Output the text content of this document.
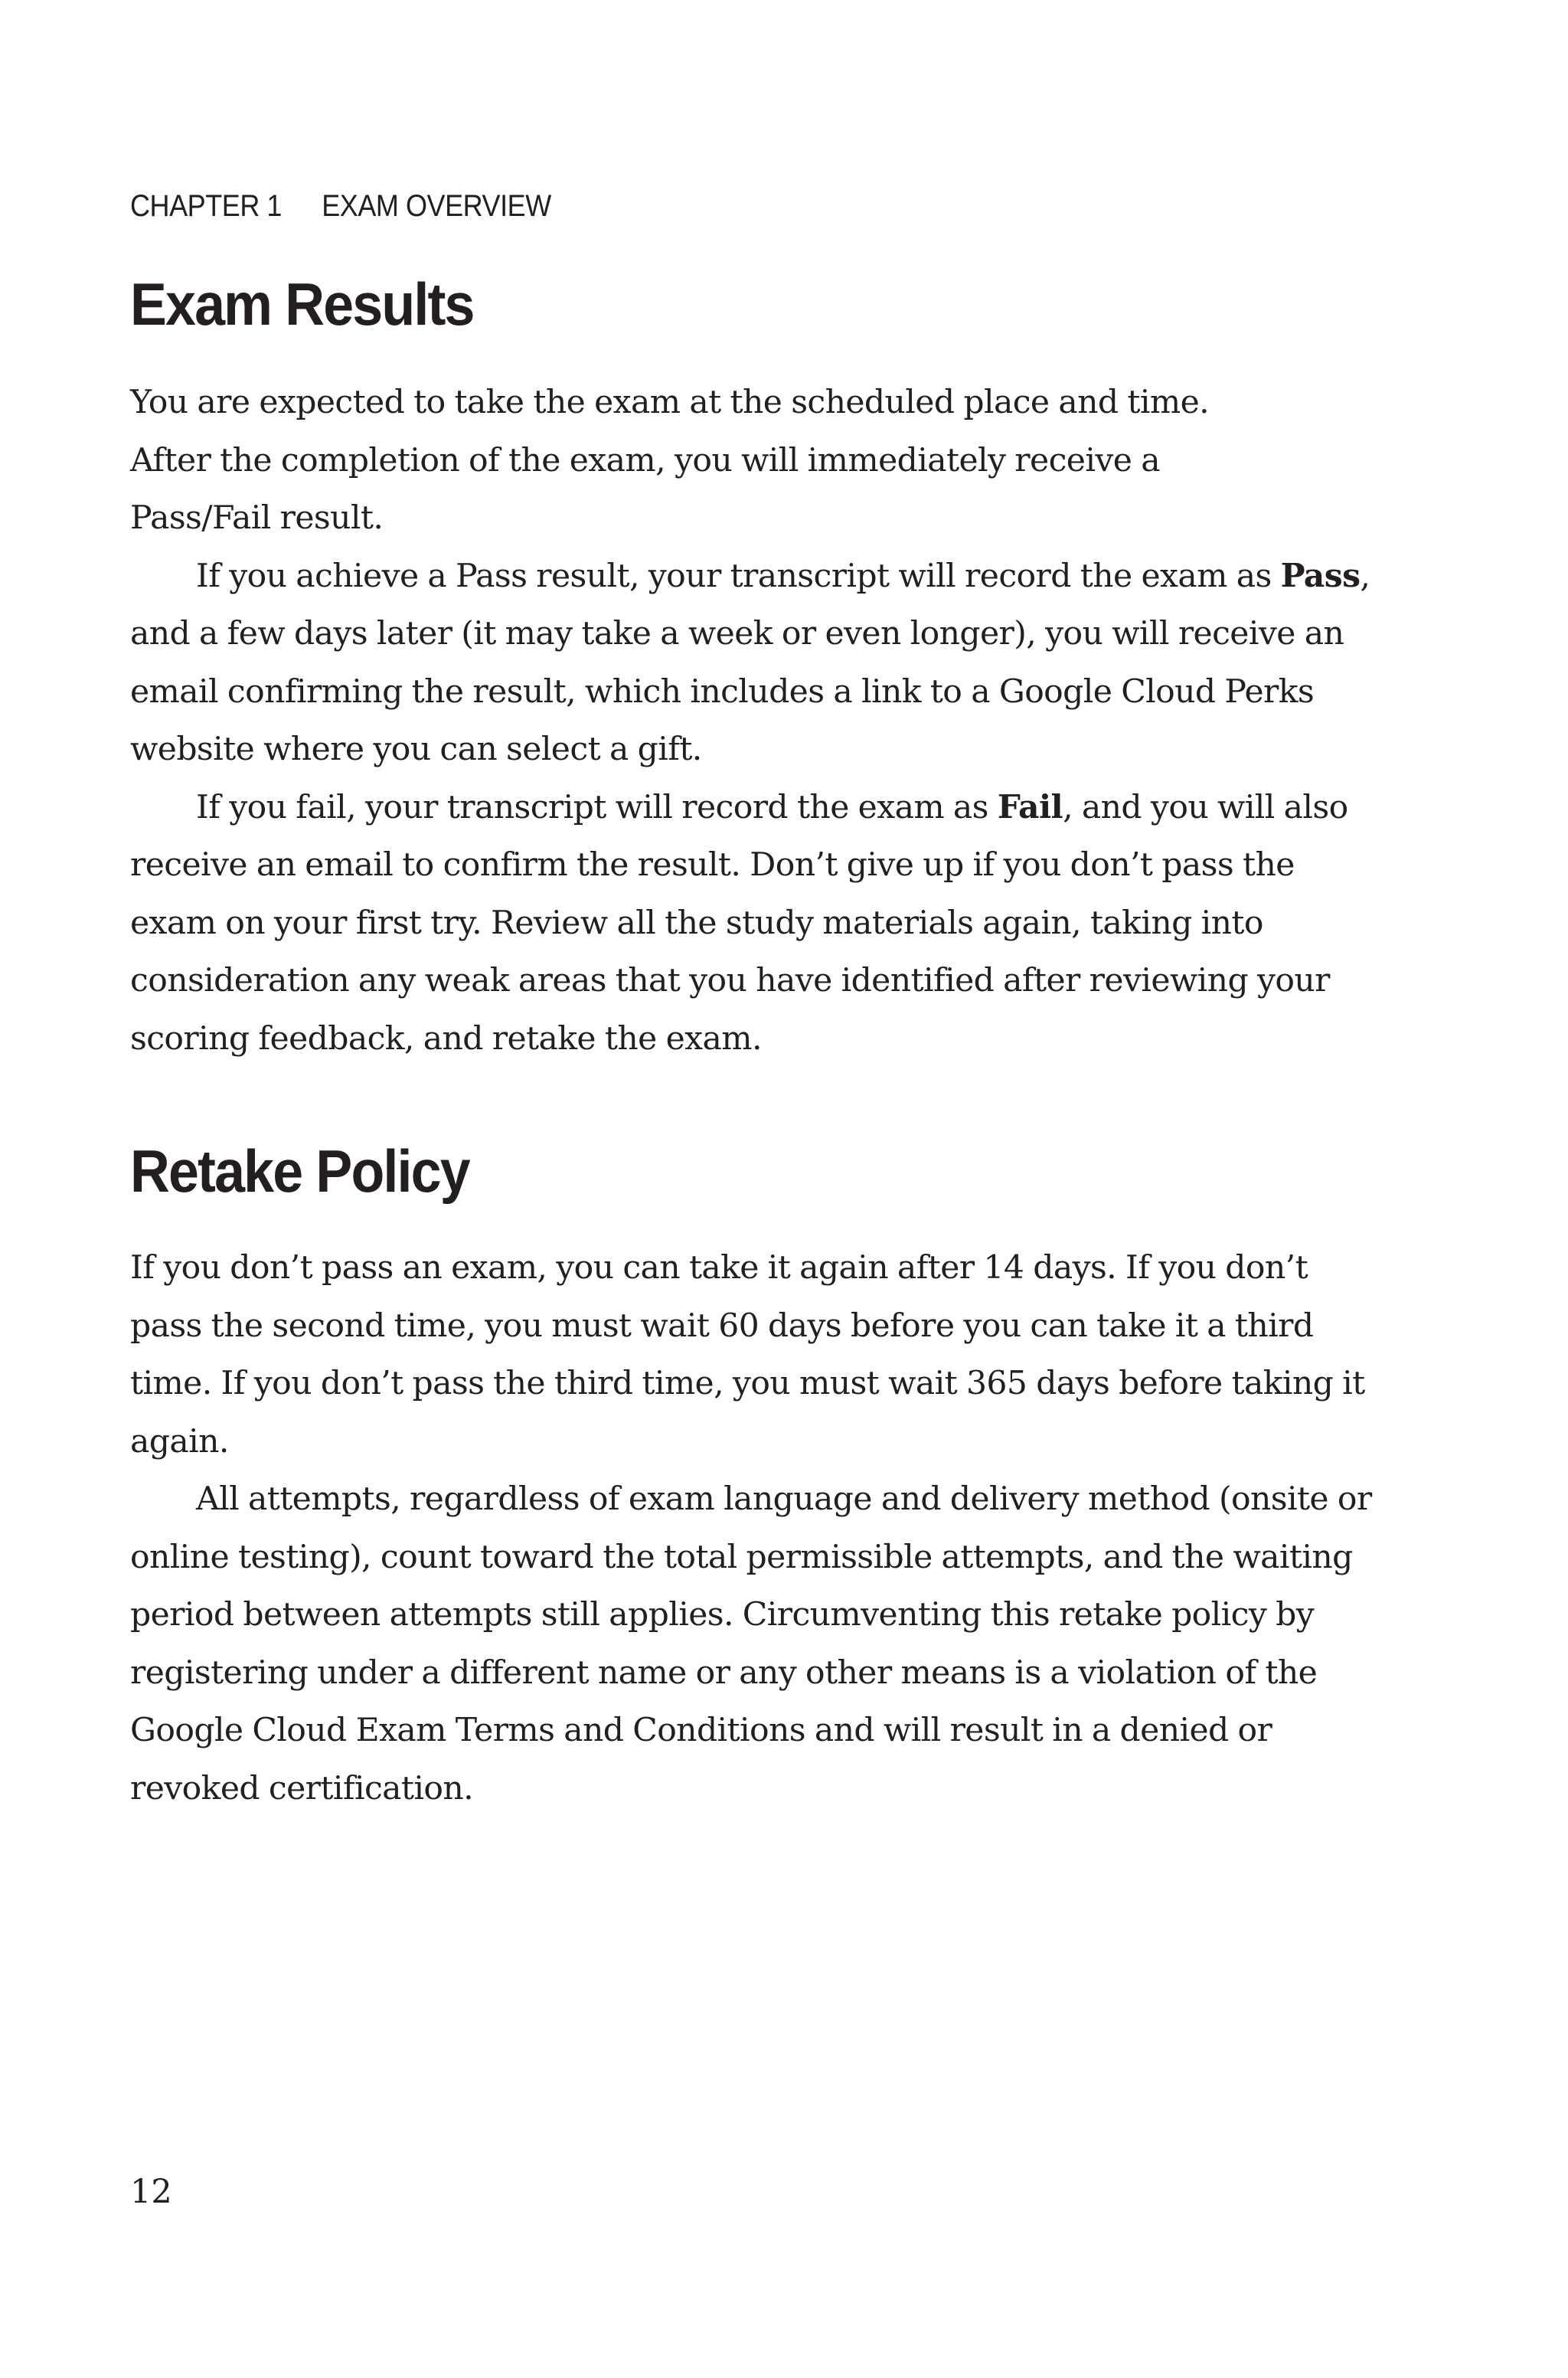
CHAPTER 1 EXAM OVERVIEW
Exam Results

You are expected to take the exam at the scheduled place and time.
After the completion of the exam, you will immediately receive a
Pass/Fail result.

If you achieve a Pass result, your transcript will record the exam as Pass, and a few days later (it may take a week or even longer), you will receive an email confirming the result, which includes a link to a Google Cloud Perks website where you can select a gift.

If you fail, your transcript will record the exam as Fail, and you will also receive an email to confirm the result. Don’t give up if you don’t pass the exam on your first try. Review all the study materials again, taking into consideration any weak areas that you have identified after reviewing your scoring feedback, and retake the exam.

Retake Policy

If you don’t pass an exam, you can take it again after 14 days. If you don’t pass the second time, you must wait 60 days before you can take it a third time. If you don’t pass the third time, you must wait 365 days before taking it again.

All attempts, regardless of exam language and delivery method (onsite or online testing), count toward the total permissible attempts, and the waiting period between attempts still applies. Circumventing this retake policy by registering under a different name or any other means is a violation of the Google Cloud Exam Terms and Conditions and will result in a denied or revoked certification.

12
